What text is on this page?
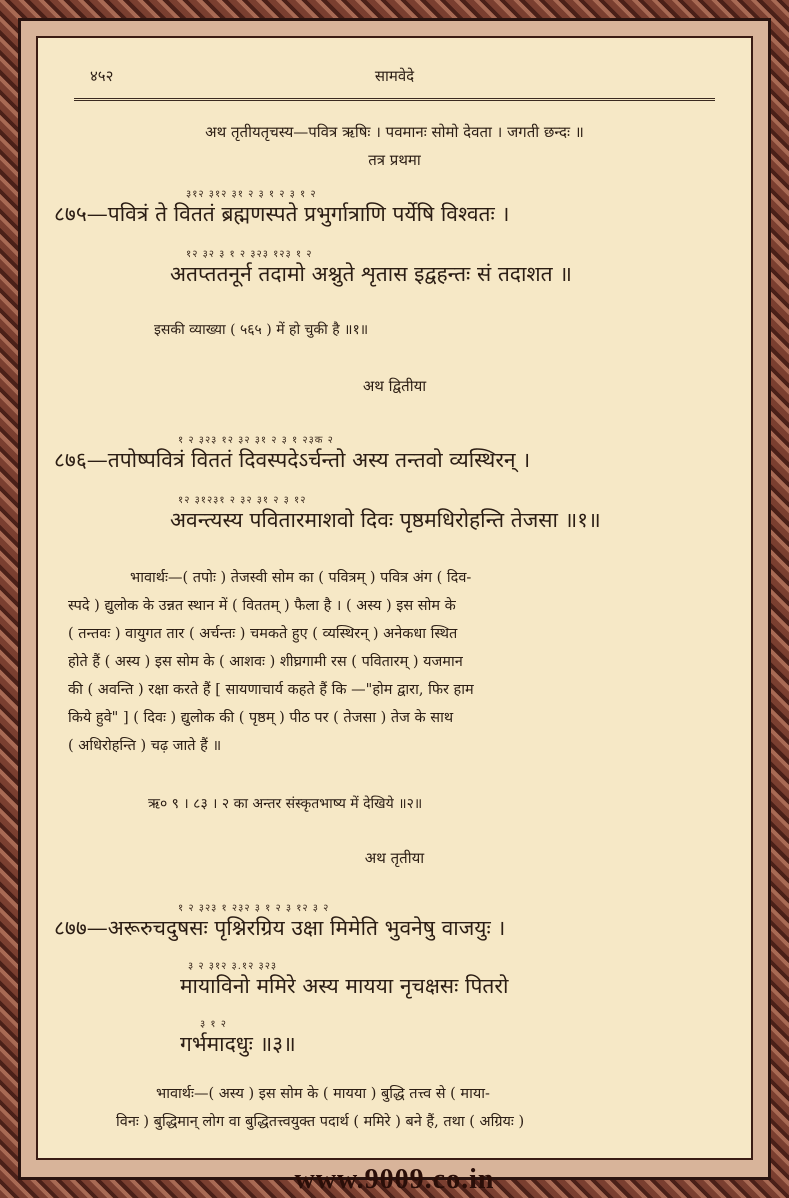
४५२	सामवेदे
अथ तृतीयतृचस्य—पवित्र ऋषिः । पवमानः सोमो देवता । जगती छन्दः ॥
तत्र प्रथमा
३१२ ३१२ ३१ २ ३ १ २ ३ १ २
८७५—पवित्रं ते विततं ब्रह्मणस्पते प्रभुर्गात्राणि पर्येषि विश्वतः ।
१२ ३२ ३ १ २ ३२३ १२३ १ २
अतप्ततनूर्न तदामो अश्नुते शृतास इद्वहन्तः सं तदाशत ॥
इसकी व्याख्या ( ५६५ ) में हो चुकी है ॥१॥
अथ द्वितीया
१ २ ३२३ १२ ३२ ३१ २ ३ १ २३क २
८७६—तपोष्पवित्रं विततं दिवस्पदेऽर्चन्तो अस्य तन्तवो व्यस्थिरन् ।
१२ ३१२३१ २ ३२ ३१ २ ३ १२
अवन्त्यस्य पवितारमाशवो दिवः पृष्ठमधिरोहन्ति तेजसा ॥१॥
भावार्थः—( तपोः ) तेजस्वी सोम का ( पवित्रम् ) पवित्र अंग ( दिव-
स्पदे ) द्युलोक के उन्नत स्थान में ( विततम् ) फैला है । ( अस्य ) इस सोम के
( तन्तवः ) वायुगत तार ( अर्चन्तः ) चमकते हुए ( व्यस्थिरन् ) अनेकधा स्थित
होते हैं ( अस्य ) इस सोम के ( आशवः ) शीघ्रगामी रस ( पवितारम् ) यजमान
की ( अवन्ति ) रक्षा करते हैं [ सायणाचार्य कहते हैं कि —"होम द्वारा, फिर हाम
किये हुवे" ] ( दिवः ) द्युलोक की ( पृष्ठम् ) पीठ पर ( तेजसा ) तेज के साथ
( अधिरोहन्ति ) चढ़ जाते हैं ॥
ऋ० ९ । ८३ । २ का अन्तर संस्कृतभाष्य में देखिये ॥२॥
अथ तृतीया
१ २ ३२३ १ २३२ ३ १ २ ३ १२ ३ २
८७७—अरूरुचदुषसः पृश्निरग्रिय उक्षा मिमेति भुवनेषु वाजयुः ।
३ २ ३१२ ३.१२ ३२३
मायाविनो ममिरे अस्य मायया नृचक्षसः पितरो
३ १ २
गर्भमादधुः ॥३॥
भावार्थः—( अस्य ) इस सोम के ( मायया ) बुद्धि तत्त्व से ( माया-
विनः ) बुद्धिमान् लोग वा बुद्धितत्त्वयुक्त पदार्थ ( ममिरे ) बने हैं, तथा ( अग्रियः )
www.9009.co.in
